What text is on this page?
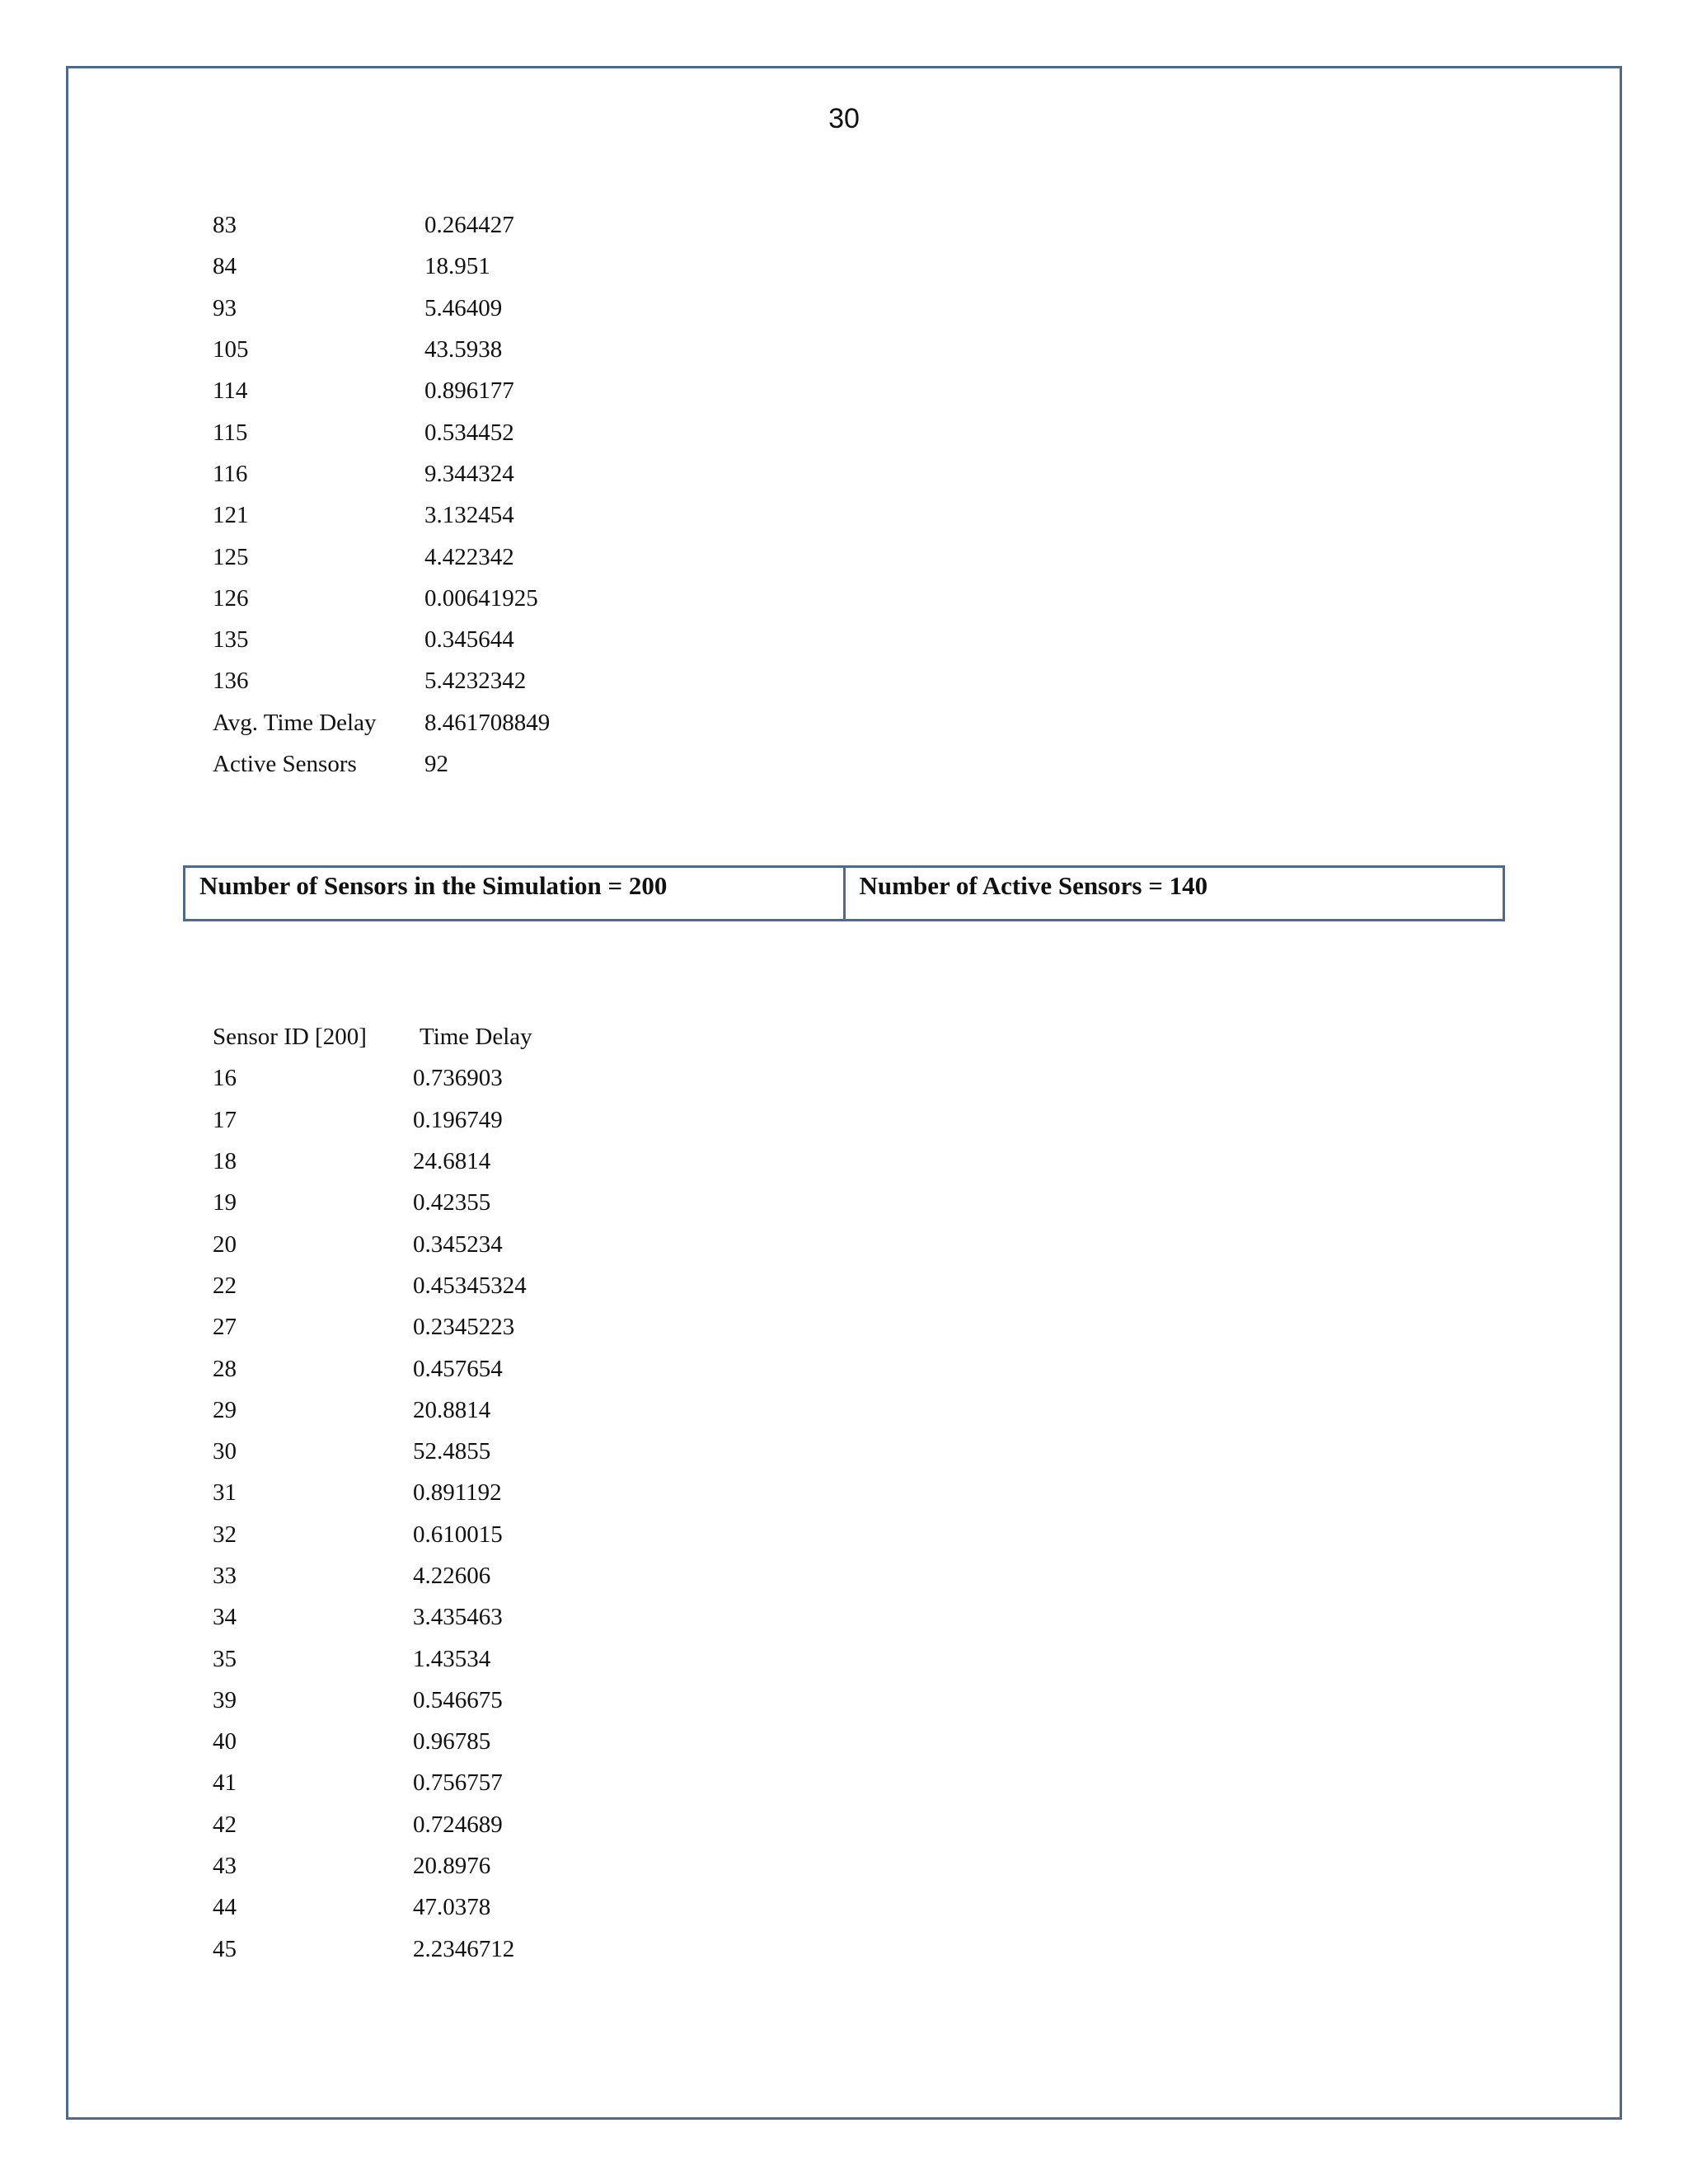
30
83	0.264427
84	18.951
93	5.46409
105	43.5938
114	0.896177
115	0.534452
116	9.344324
121	3.132454
125	4.422342
126	0.00641925
135	0.345644
136	5.4232342
Avg. Time Delay	8.461708849
Active Sensors	92
Number of Sensors in the Simulation = 200	Number of Active Sensors = 140
Sensor ID [200]	Time Delay
16	0.736903
17	0.196749
18	24.6814
19	0.42355
20	0.345234
22	0.45345324
27	0.2345223
28	0.457654
29	20.8814
30	52.4855
31	0.891192
32	0.610015
33	4.22606
34	3.435463
35	1.43534
39	0.546675
40	0.96785
41	0.756757
42	0.724689
43	20.8976
44	47.0378
45	2.2346712
